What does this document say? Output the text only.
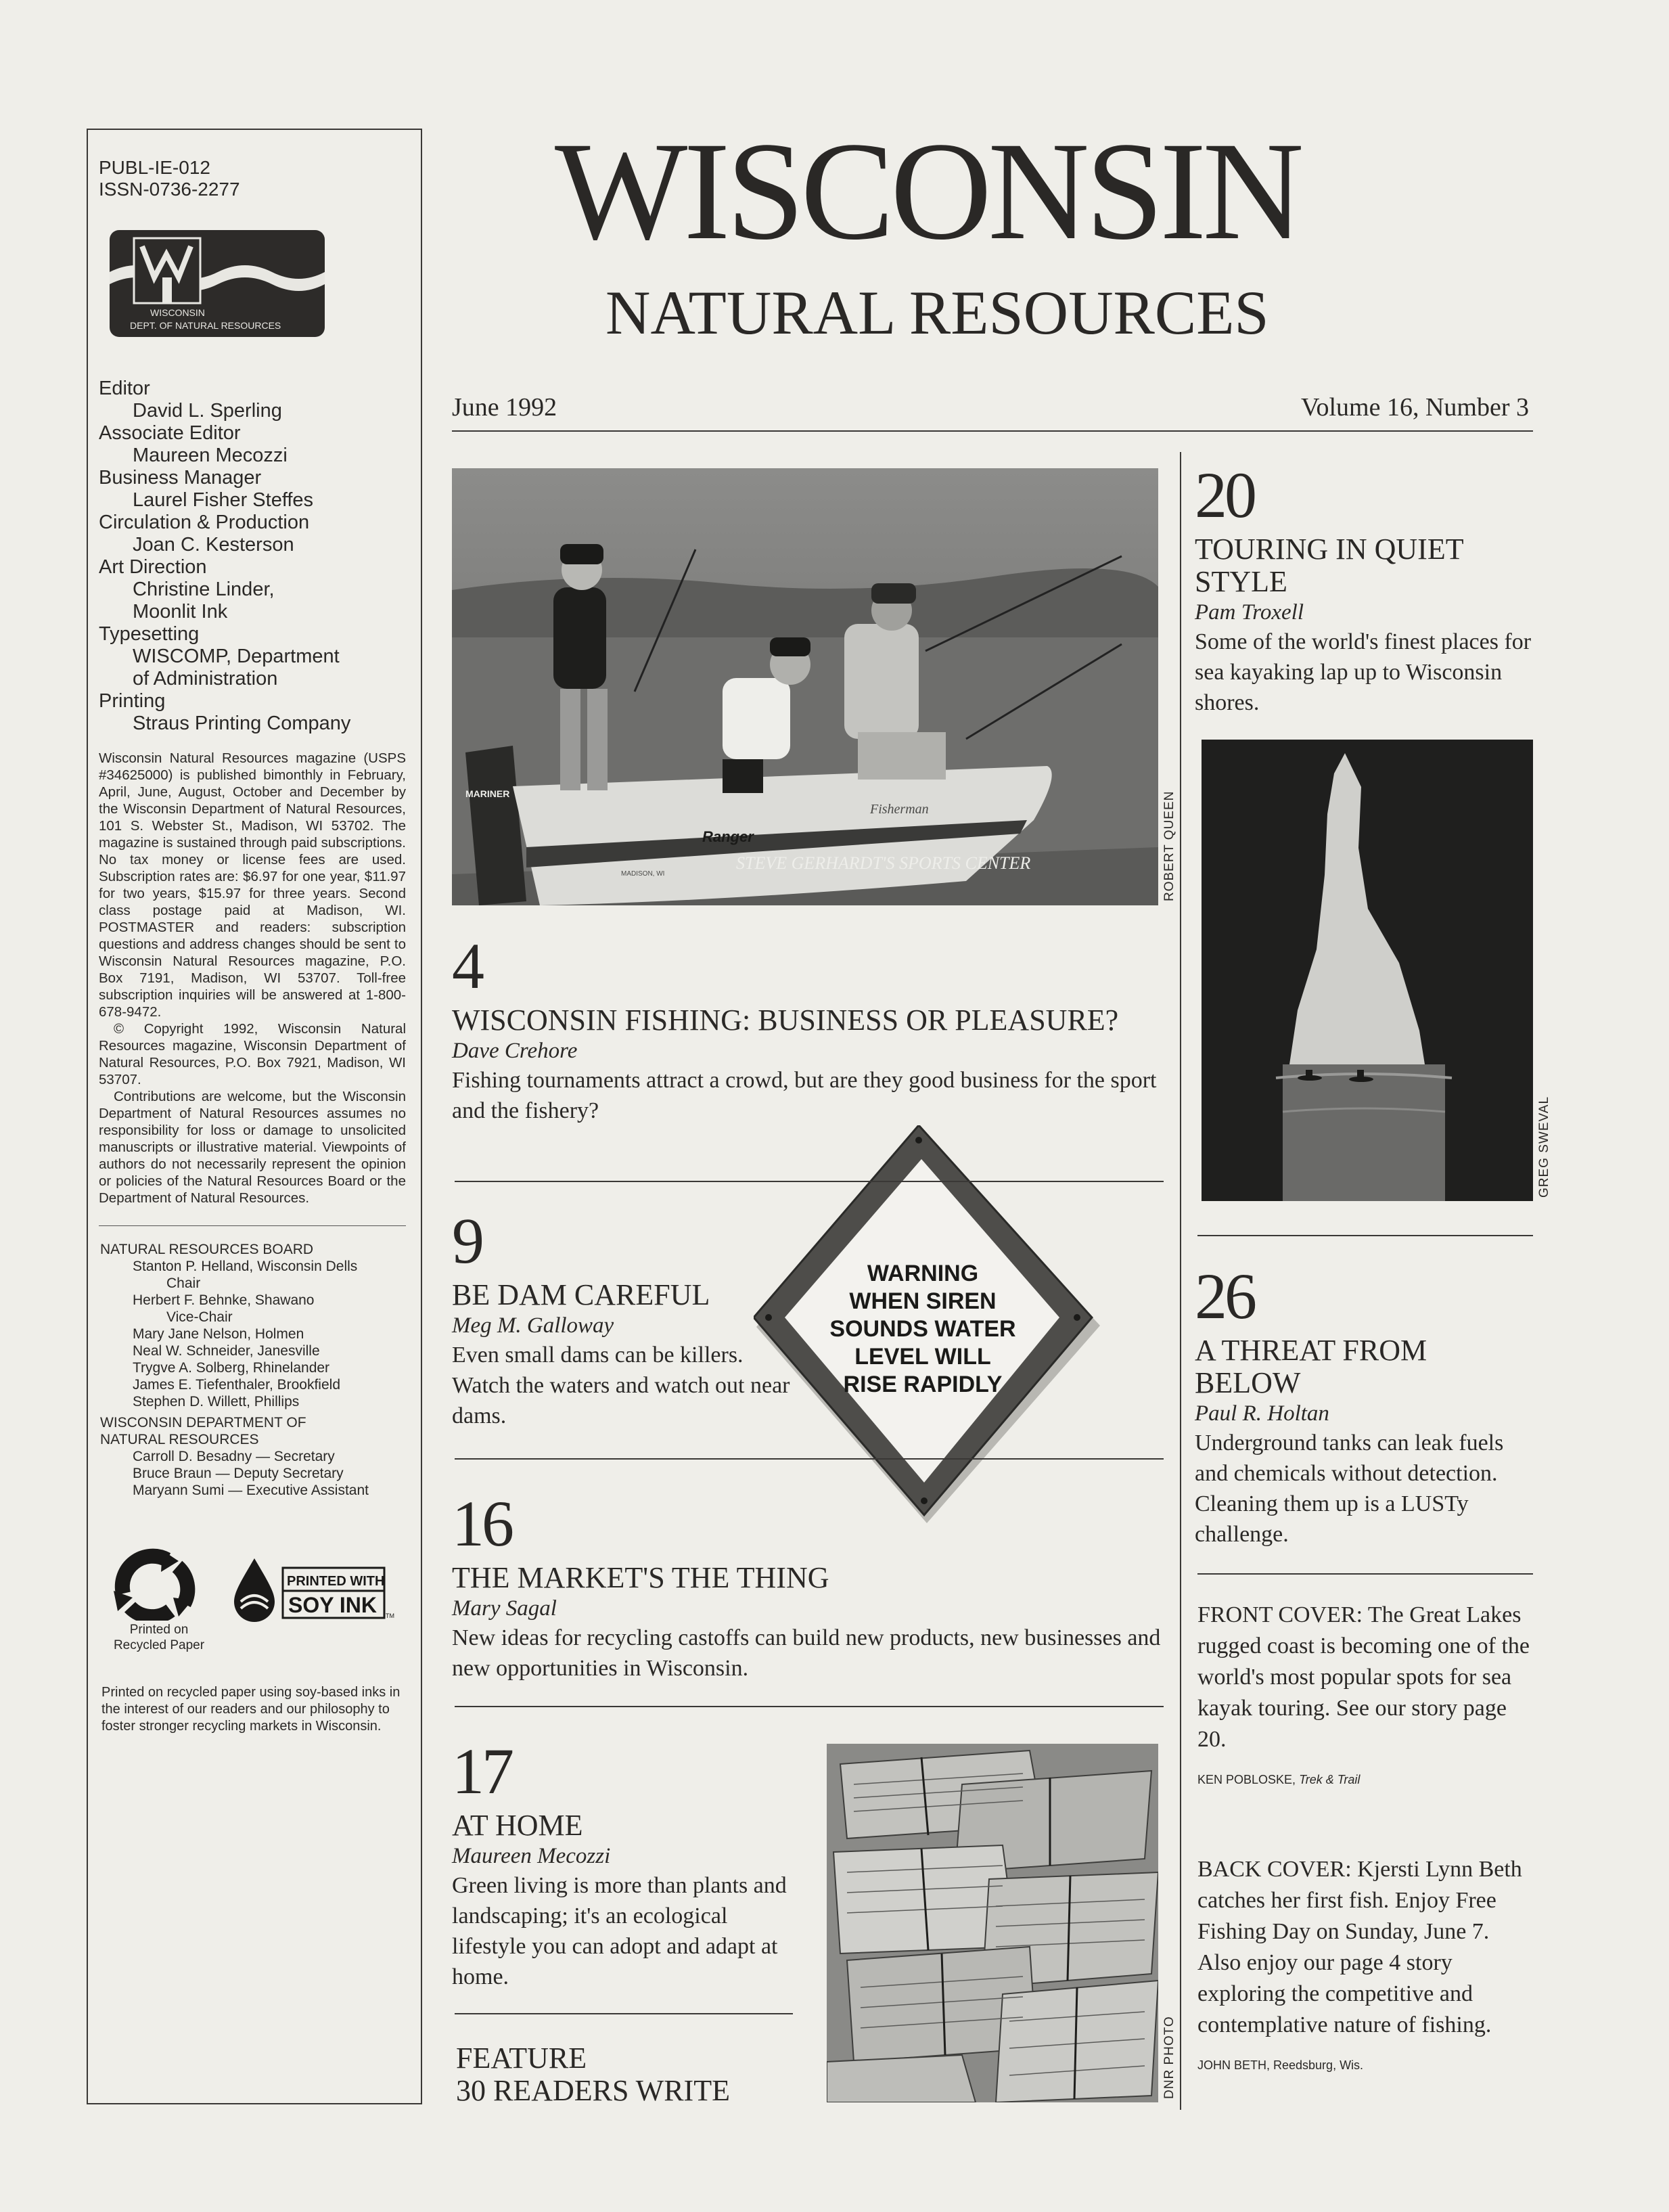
PUBL-IE-012
ISSN-0736-2277
WISCONSIN
DEPT. OF NATURAL RESOURCES
Editor
David L. Sperling
Associate Editor
Maureen Mecozzi
Business Manager
Laurel Fisher Steffes
Circulation & Production
Joan C. Kesterson
Art Direction
Christine Linder,
Moonlit Ink
Typesetting
WISCOMP, Department
of Administration
Printing
Straus Printing Company

Wisconsin Natural Resources magazine (USPS #34625000) is published bimonthly in February, April, June, August, October and December by the Wisconsin Department of Natural Resources, 101 S. Webster St., Madison, WI 53702. The magazine is sustained through paid subscriptions. No tax money or license fees are used. Subscription rates are: $6.97 for one year, $11.97 for two years, $15.97 for three years. Second class postage paid at Madison, WI. POSTMASTER and readers: subscription questions and address changes should be sent to Wisconsin Natural Resources magazine, P.O. Box 7191, Madison, WI 53707. Toll-free subscription inquiries will be answered at 1-800-678-9472.

© Copyright 1992, Wisconsin Natural Resources magazine, Wisconsin Department of Natural Resources, P.O. Box 7921, Madison, WI 53707.

Contributions are welcome, but the Wisconsin Department of Natural Resources assumes no responsibility for loss or damage to unsolicited manuscripts or illustrative material. Viewpoints of authors do not necessarily represent the opinion or policies of the Natural Resources Board or the Department of Natural Resources.

NATURAL RESOURCES BOARD
Stanton P. Helland, Wisconsin Dells
Chair
Herbert F. Behnke, Shawano
Vice-Chair
Mary Jane Nelson, Holmen
Neal W. Schneider, Janesville
Trygve A. Solberg, Rhinelander
James E. Tiefenthaler, Brookfield
Stephen D. Willett, Phillips
WISCONSIN DEPARTMENT OF
NATURAL RESOURCES
Carroll D. Besadny — Secretary
Bruce Braun — Deputy Secretary
Maryann Sumi — Executive Assistant
Printed on
Recycled Paper
PRINTED WITH
SOY INK TM
Printed on recycled paper using soy-based inks in the interest of our readers and our philosophy to foster stronger recycling markets in Wisconsin.
WISCONSIN
NATURAL RESOURCES
June 1992	Volume 16, Number 3
MARINER
Ranger
Fisherman
MADISON, WI
STEVE GERHARDT'S SPORTS CENTER	ROBERT QUEEN
GREG SWEVAL
DNR PHOTO
WARNING
WHEN SIREN
SOUNDS WATER
LEVEL WILL
RISE RAPIDLY
4
WISCONSIN FISHING: BUSINESS OR PLEASURE?
Dave Crehore
Fishing tournaments attract a crowd, but are they good business for the sport and the fishery?
9
BE DAM CAREFUL
Meg M. Galloway
Even small dams can be killers. Watch the waters and watch out near dams.
16
THE MARKET'S THE THING
Mary Sagal
New ideas for recycling castoffs can build new products, new businesses and new opportunities in Wisconsin.
17
AT HOME
Maureen Mecozzi
Green living is more than plants and landscaping; it's an ecological lifestyle you can adopt and adapt at home.
FEATURE
30 READERS WRITE
20
TOURING IN QUIET STYLE
Pam Troxell
Some of the world's finest places for sea kayaking lap up to Wisconsin shores.
26
A THREAT FROM BELOW
Paul R. Holtan
Underground tanks can leak fuels and chemicals without detection. Cleaning them up is a LUSTy challenge.
FRONT COVER: The Great Lakes rugged coast is becoming one of the world's most popular spots for sea kayak touring. See our story page 20.
KEN POBLOSKE, Trek & Trail
BACK COVER: Kjersti Lynn Beth catches her first fish. Enjoy Free Fishing Day on Sunday, June 7. Also enjoy our page 4 story exploring the competitive and contemplative nature of fishing.
JOHN BETH, Reedsburg, Wis.
